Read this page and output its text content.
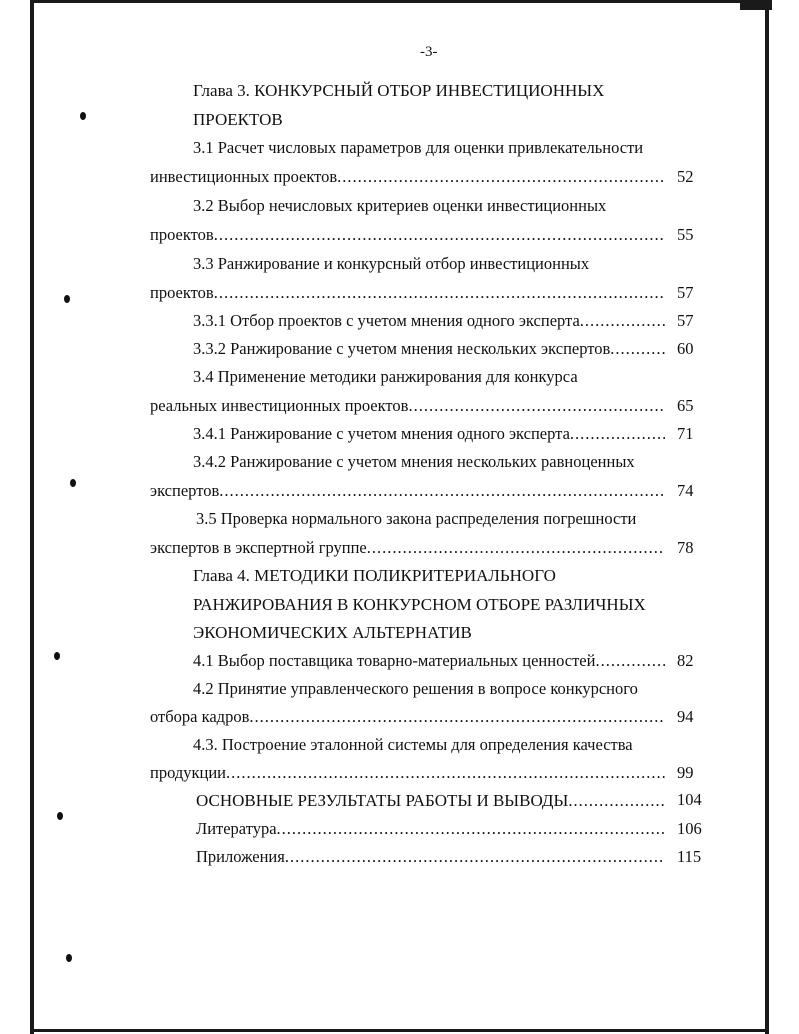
-3-
Глава 3. КОНКУРСНЫЙ ОТБОР ИНВЕСТИЦИОННЫХ
ПРОЕКТОВ
3.1 Расчет числовых параметров для оценки привлекательности
инвестиционных проектов .....	52
3.2 Выбор нечисловых критериев оценки инвестиционных
проектов .....	55
3.3 Ранжирование и конкурсный отбор инвестиционных
проектов .....	57
3.3.1 Отбор проектов с учетом мнения одного эксперта .....	57
3.3.2 Ранжирование с учетом мнения нескольких экспертов .....	60
3.4 Применение методики ранжирования для конкурса
реальных инвестиционных проектов .....	65
3.4.1 Ранжирование с учетом мнения одного эксперта .....	71
3.4.2 Ранжирование с учетом мнения нескольких равноценных
экспертов .....	74
3.5 Проверка нормального закона распределения погрешности
экспертов в экспертной группе .....	78
Глава 4. МЕТОДИКИ ПОЛИКРИТЕРИАЛЬНОГО
РАНЖИРОВАНИЯ В КОНКУРСНОМ ОТБОРЕ РАЗЛИЧНЫХ
ЭКОНОМИЧЕСКИХ АЛЬТЕРНАТИВ
4.1 Выбор поставщика товарно-материальных ценностей .....	82
4.2 Принятие управленческого решения в вопросе конкурсного
отбора кадров .....	94
4.3. Построение эталонной системы для определения качества
продукции .....	99
ОСНОВНЫЕ РЕЗУЛЬТАТЫ РАБОТЫ И ВЫВОДЫ .....	104
Литература .....	106
Приложения .....	115
